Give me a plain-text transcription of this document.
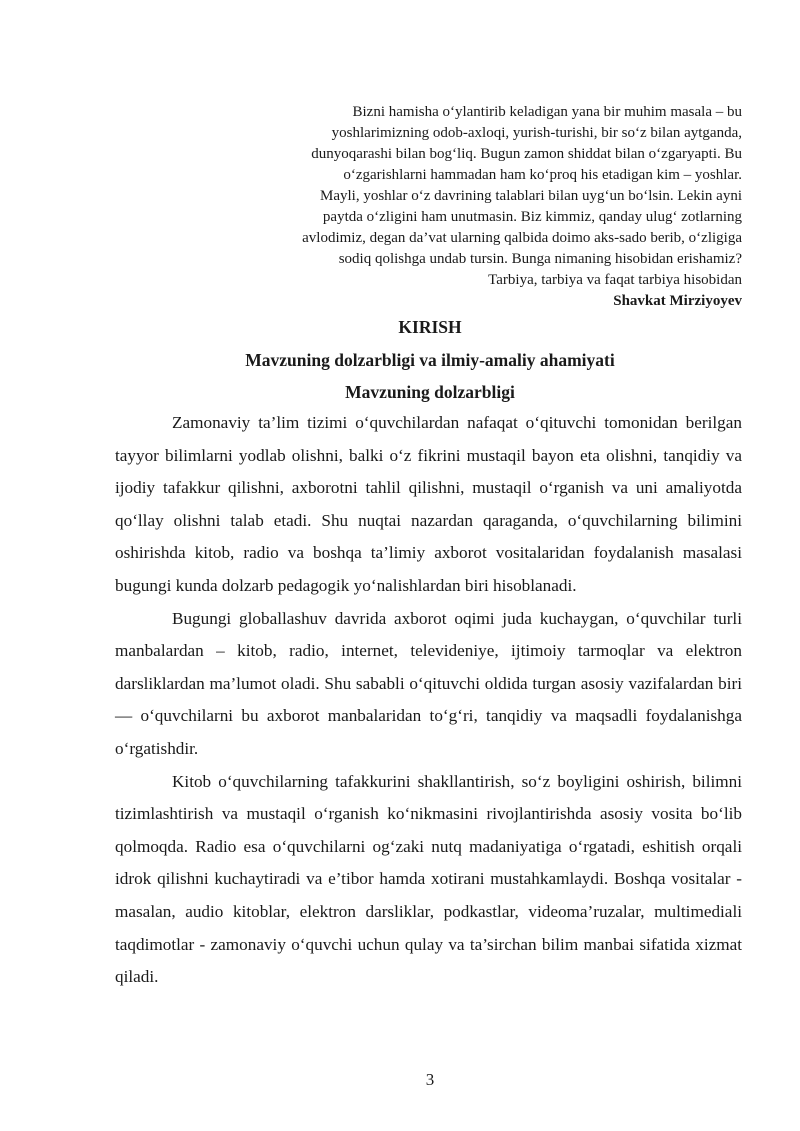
Bizni hamisha o‘ylantirib keladigan yana bir muhim masala – bu
yoshlarimizning odob-axloqi, yurish-turishi, bir so‘z bilan aytganda,
dunyoqarashi bilan bog‘liq. Bugun zamon shiddat bilan o‘zgaryapti. Bu
o‘zgarishlarni hammadan ham ko‘proq his etadigan kim – yoshlar.
Mayli, yoshlar o‘z davrining talablari bilan uyg‘un bo‘lsin. Lekin ayni
paytda o‘zligini ham unutmasin. Biz kimmiz, qanday ulug‘ zotlarning
avlodimiz, degan da’vat ularning qalbida doimo aks-sado berib, o‘zligiga
sodiq qolishga undab tursin. Bunga nimaning hisobidan erishamiz?
Tarbiya, tarbiya va faqat tarbiya hisobidan
Shavkat Mirziyoyev
KIRISH
Mavzuning dolzarbligi va ilmiy-amaliy ahamiyati
Mavzuning dolzarbligi

Zamonaviy ta’lim tizimi o‘quvchilardan nafaqat o‘qituvchi tomonidan berilgan tayyor bilimlarni yodlab olishni, balki o‘z fikrini mustaqil bayon eta olishni, tanqidiy va ijodiy tafakkur qilishni, axborotni tahlil qilishni, mustaqil o‘rganish va uni amaliyotda qo‘llay olishni talab etadi. Shu nuqtai nazardan qaraganda, o‘quvchilarning bilimini oshirishda kitob, radio va boshqa ta’limiy axborot vositalaridan foydalanish masalasi bugungi kunda dolzarb pedagogik yo‘nalishlardan biri hisoblanadi.

Bugungi globallashuv davrida axborot oqimi juda kuchaygan, o‘quvchilar turli manbalardan – kitob, radio, internet, televideniye, ijtimoiy tarmoqlar va elektron darsliklardan ma’lumot oladi. Shu sababli o‘qituvchi oldida turgan asosiy vazifalardan biri — o‘quvchilarni bu axborot manbalaridan to‘g‘ri, tanqidiy va maqsadli foydalanishga o‘rgatishdir.

Kitob o‘quvchilarning tafakkurini shakllantirish, so‘z boyligini oshirish, bilimni tizimlashtirish va mustaqil o‘rganish ko‘nikmasini rivojlantirishda asosiy vosita bo‘lib qolmoqda. Radio esa o‘quvchilarni og‘zaki nutq madaniyatiga o‘rgatadi, eshitish orqali idrok qilishni kuchaytiradi va e’tibor hamda xotirani mustahkamlaydi. Boshqa vositalar - masalan, audio kitoblar, elektron darsliklar, podkastlar, videoma’ruzalar, multimediali taqdimotlar - zamonaviy o‘quvchi uchun qulay va ta’sirchan bilim manbai sifatida xizmat qiladi.

3
